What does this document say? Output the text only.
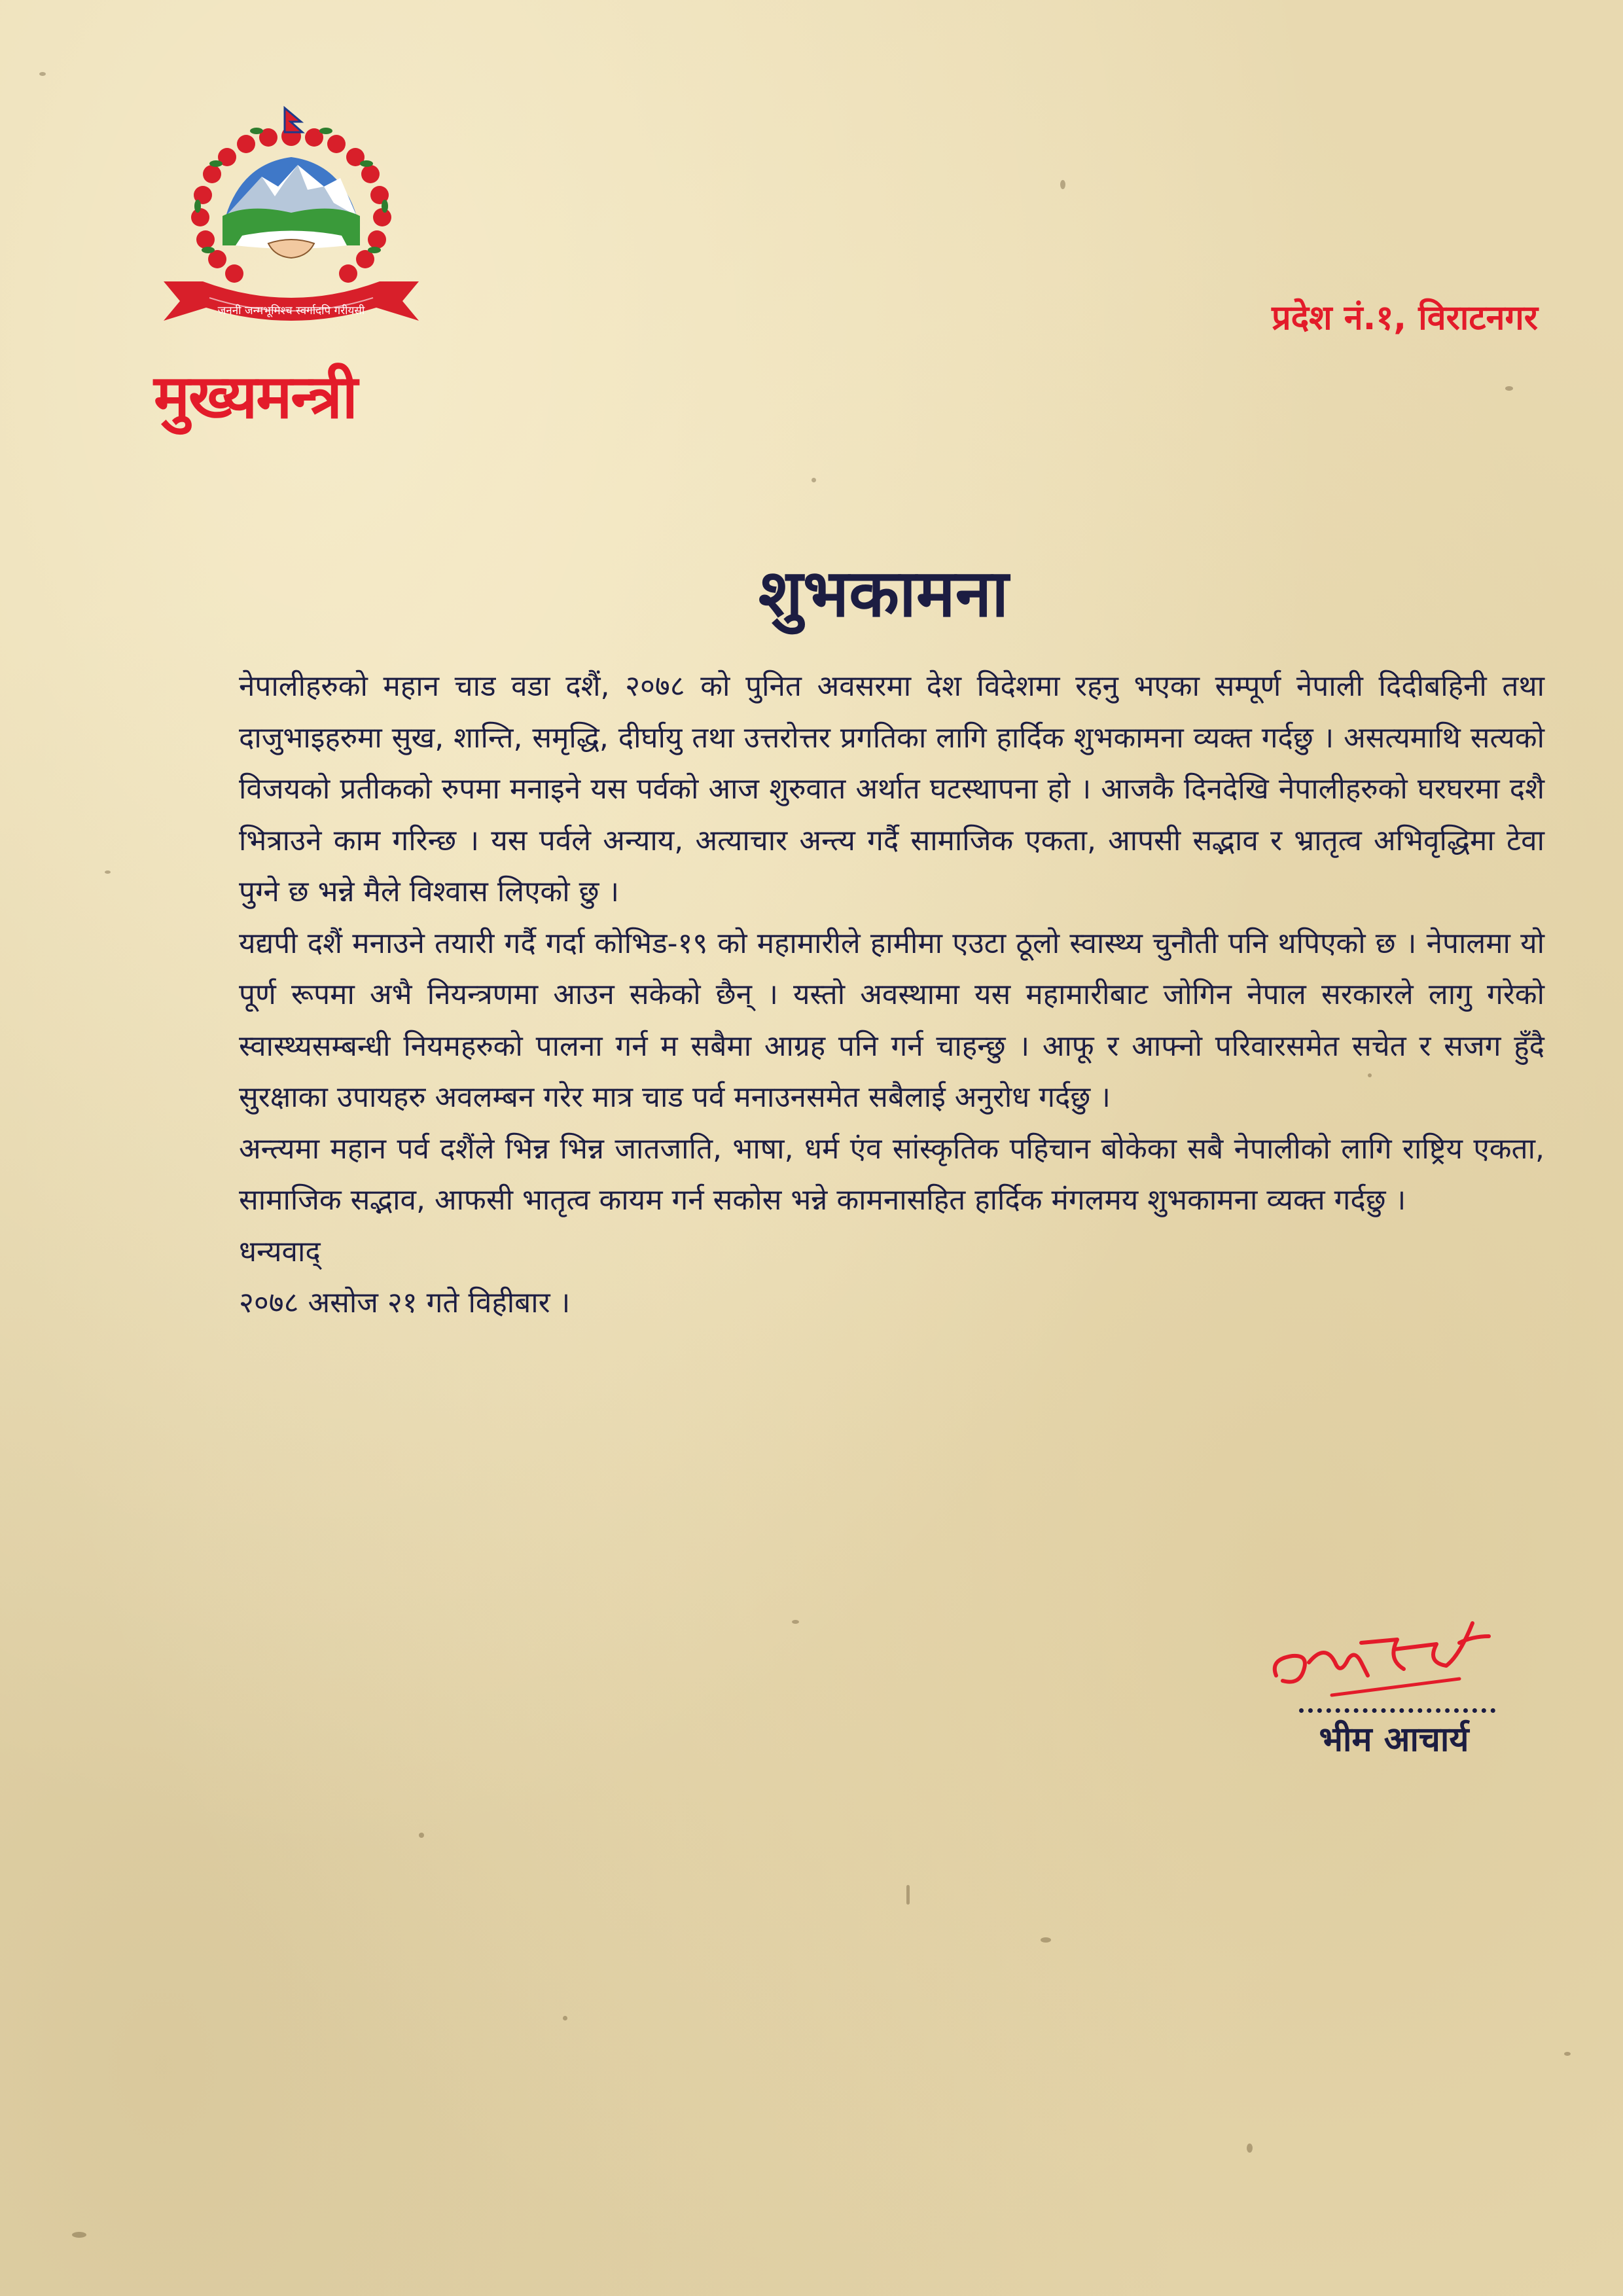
जननी जन्मभूमिश्च स्वर्गादपि गरीयसी
मुख्यमन्त्री
प्रदेश नं.१, विराटनगर
शुभकामना

नेपालीहरुको महान चाड वडा दशैं, २०७८ को पुनित अवसरमा देश विदेशमा रहनु भएका सम्पूर्ण नेपाली दिदीबहिनी तथा दाजुभाइहरुमा सुख, शान्ति, समृद्धि, दीर्घायु तथा उत्तरोत्तर प्रगतिका लागि हार्दिक शुभकामना व्यक्त गर्दछु । असत्यमाथि सत्यको विजयको प्रतीकको रुपमा मनाइने यस पर्वको आज शुरुवात अर्थात घटस्थापना हो । आजकै दिनदेखि नेपालीहरुको घरघरमा दशै भित्राउने काम गरिन्छ । यस पर्वले अन्याय, अत्याचार अन्त्य गर्दै सामाजिक एकता, आपसी सद्भाव र भ्रातृत्व अभिवृद्धिमा टेवा पुग्ने छ भन्ने मैले विश्वास लिएको छु ।

यद्यपी दशैं मनाउने तयारी गर्दै गर्दा कोभिड-१९ को महामारीले हामीमा एउटा ठूलो स्वास्थ्य चुनौती पनि थपिएको छ । नेपालमा यो पूर्ण रूपमा अभै नियन्त्रणमा आउन सकेको छैन् । यस्तो अवस्थामा यस महामारीबाट जोगिन नेपाल सरकारले लागु गरेको स्वास्थ्यसम्बन्धी नियमहरुको पालना गर्न म सबैमा आग्रह पनि गर्न चाहन्छु । आफू र आफ्नो परिवारसमेत सचेत र सजग हुँदै सुरक्षाका उपायहरु अवलम्बन गरेर मात्र चाड पर्व मनाउनसमेत सबैलाई अनुरोध गर्दछु ।

अन्त्यमा महान पर्व दशैंले भिन्न भिन्न जातजाति, भाषा, धर्म एंव सांस्कृतिक पहिचान बोकेका सबै नेपालीको लागि राष्ट्रिय एकता, सामाजिक सद्भाव, आफसी भातृत्व कायम गर्न सकोस भन्ने कामनासहित हार्दिक मंगलमय शुभकामना व्यक्त गर्दछु ।

धन्यवाद्

२०७८ असोज २१ गते विहीबार ।

भीम आचार्य
